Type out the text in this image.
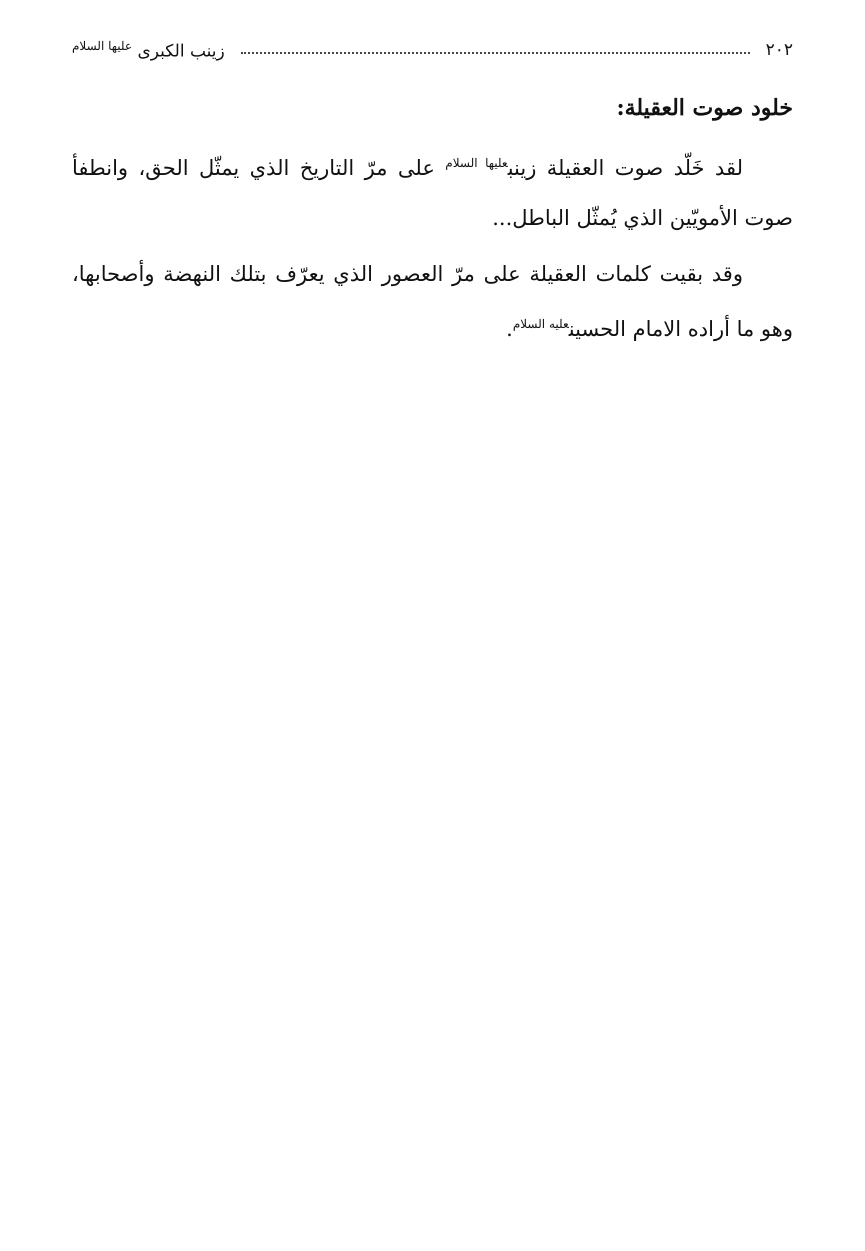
٢٠٢
زينب الكبرى $^{عليها السلام}$
خلود صوت العقيلة:

لقد خَلّد صوت العقيلة زينب$^{عليها السلام}$ على مرّ التاريخ الذي يمثّل الحق، وانطفأ صوت الأمويّين الذي يُمثّل الباطل...

وقد بقيت كلمات العقيلة على مرّ العصور الذي يعرّف بتلك النهضة وأصحابها، وهو ما أراده الامام الحسين$^{عليه السلام}$.
